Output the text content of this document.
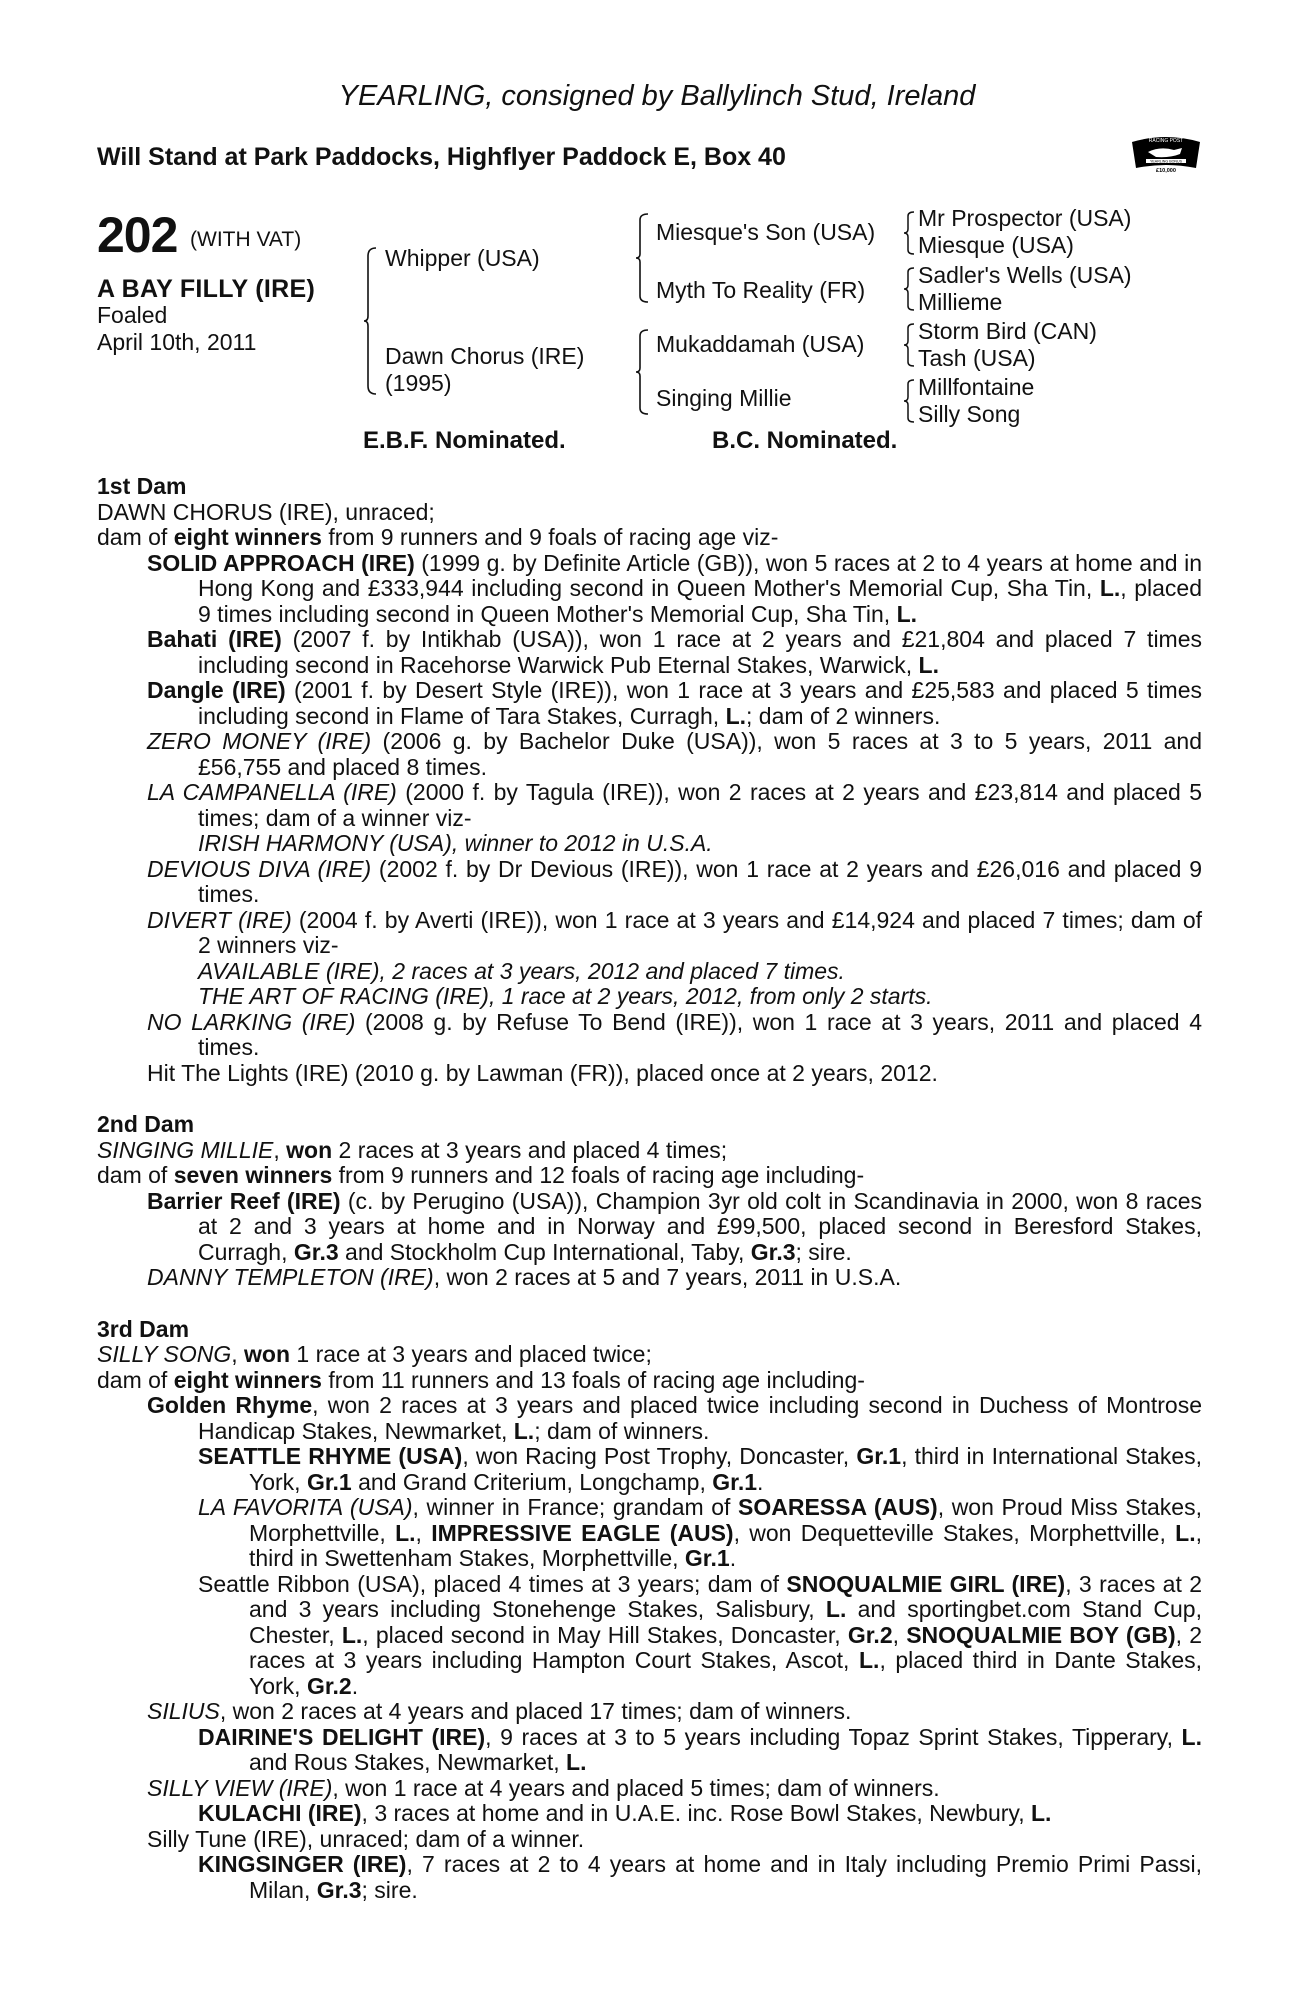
YEARLING, consigned by Ballylinch Stud, Ireland
Will Stand at Park Paddocks, Highflyer Paddock E, Box 40
RACING POST
YEARLING BONUS
£10,000
202 (WITH VAT)
A BAY FILLY (IRE)
Foaled
April 10th, 2011
Whipper (USA)
Dawn Chorus (IRE)
(1995)
Miesque's Son (USA)
Myth To Reality (FR)
Mukaddamah (USA)
Singing Millie
Mr Prospector (USA)
Miesque (USA)
Sadler's Wells (USA)
Millieme
Storm Bird (CAN)
Tash (USA)
Millfontaine
Silly Song
E.B.F. Nominated.	B.C. Nominated.

1st Dam

DAWN CHORUS (IRE), unraced;

dam of eight winners from 9 runners and 9 foals of racing age viz-

SOLID APPROACH (IRE) (1999 g. by Definite Article (GB)), won 5 races at 2 to 4 years at home and in Hong Kong and £333,944 including second in Queen Mother's Memorial Cup, Sha Tin, L., placed 9 times including second in Queen Mother's Memorial Cup, Sha Tin, L.

Bahati (IRE) (2007 f. by Intikhab (USA)), won 1 race at 2 years and £21,804 and placed 7 times including second in Racehorse Warwick Pub Eternal Stakes, Warwick, L.

Dangle (IRE) (2001 f. by Desert Style (IRE)), won 1 race at 3 years and £25,583 and placed 5 times including second in Flame of Tara Stakes, Curragh, L.; dam of 2 winners.

ZERO MONEY (IRE) (2006 g. by Bachelor Duke (USA)), won 5 races at 3 to 5 years, 2011 and £56,755 and placed 8 times.

LA CAMPANELLA (IRE) (2000 f. by Tagula (IRE)), won 2 races at 2 years and £23,814 and placed 5 times; dam of a winner viz-

IRISH HARMONY (USA), winner to 2012 in U.S.A.

DEVIOUS DIVA (IRE) (2002 f. by Dr Devious (IRE)), won 1 race at 2 years and £26,016 and placed 9 times.

DIVERT (IRE) (2004 f. by Averti (IRE)), won 1 race at 3 years and £14,924 and placed 7 times; dam of 2 winners viz-

AVAILABLE (IRE), 2 races at 3 years, 2012 and placed 7 times.

THE ART OF RACING (IRE), 1 race at 2 years, 2012, from only 2 starts.

NO LARKING (IRE) (2008 g. by Refuse To Bend (IRE)), won 1 race at 3 years, 2011 and placed 4 times.

Hit The Lights (IRE) (2010 g. by Lawman (FR)), placed once at 2 years, 2012.

2nd Dam

SINGING MILLIE, won 2 races at 3 years and placed 4 times;

dam of seven winners from 9 runners and 12 foals of racing age including-

Barrier Reef (IRE) (c. by Perugino (USA)), Champion 3yr old colt in Scandinavia in 2000, won 8 races at 2 and 3 years at home and in Norway and £99,500, placed second in Beresford Stakes, Curragh, Gr.3 and Stockholm Cup International, Taby, Gr.3; sire.

DANNY TEMPLETON (IRE), won 2 races at 5 and 7 years, 2011 in U.S.A.

3rd Dam

SILLY SONG, won 1 race at 3 years and placed twice;

dam of eight winners from 11 runners and 13 foals of racing age including-

Golden Rhyme, won 2 races at 3 years and placed twice including second in Duchess of Montrose Handicap Stakes, Newmarket, L.; dam of winners.

SEATTLE RHYME (USA), won Racing Post Trophy, Doncaster, Gr.1, third in International Stakes, York, Gr.1 and Grand Criterium, Longchamp, Gr.1.

LA FAVORITA (USA), winner in France; grandam of SOARESSA (AUS), won Proud Miss Stakes, Morphettville, L., IMPRESSIVE EAGLE (AUS), won Dequetteville Stakes, Morphettville, L., third in Swettenham Stakes, Morphettville, Gr.1.

Seattle Ribbon (USA), placed 4 times at 3 years; dam of SNOQUALMIE GIRL (IRE), 3 races at 2 and 3 years including Stonehenge Stakes, Salisbury, L. and sportingbet.com Stand Cup, Chester, L., placed second in May Hill Stakes, Doncaster, Gr.2, SNOQUALMIE BOY (GB), 2 races at 3 years including Hampton Court Stakes, Ascot, L., placed third in Dante Stakes, York, Gr.2.

SILIUS, won 2 races at 4 years and placed 17 times; dam of winners.

DAIRINE'S DELIGHT (IRE), 9 races at 3 to 5 years including Topaz Sprint Stakes, Tipperary, L. and Rous Stakes, Newmarket, L.

SILLY VIEW (IRE), won 1 race at 4 years and placed 5 times; dam of winners.

KULACHI (IRE), 3 races at home and in U.A.E. inc. Rose Bowl Stakes, Newbury, L.

Silly Tune (IRE), unraced; dam of a winner.

KINGSINGER (IRE), 7 races at 2 to 4 years at home and in Italy including Premio Primi Passi, Milan, Gr.3; sire.
